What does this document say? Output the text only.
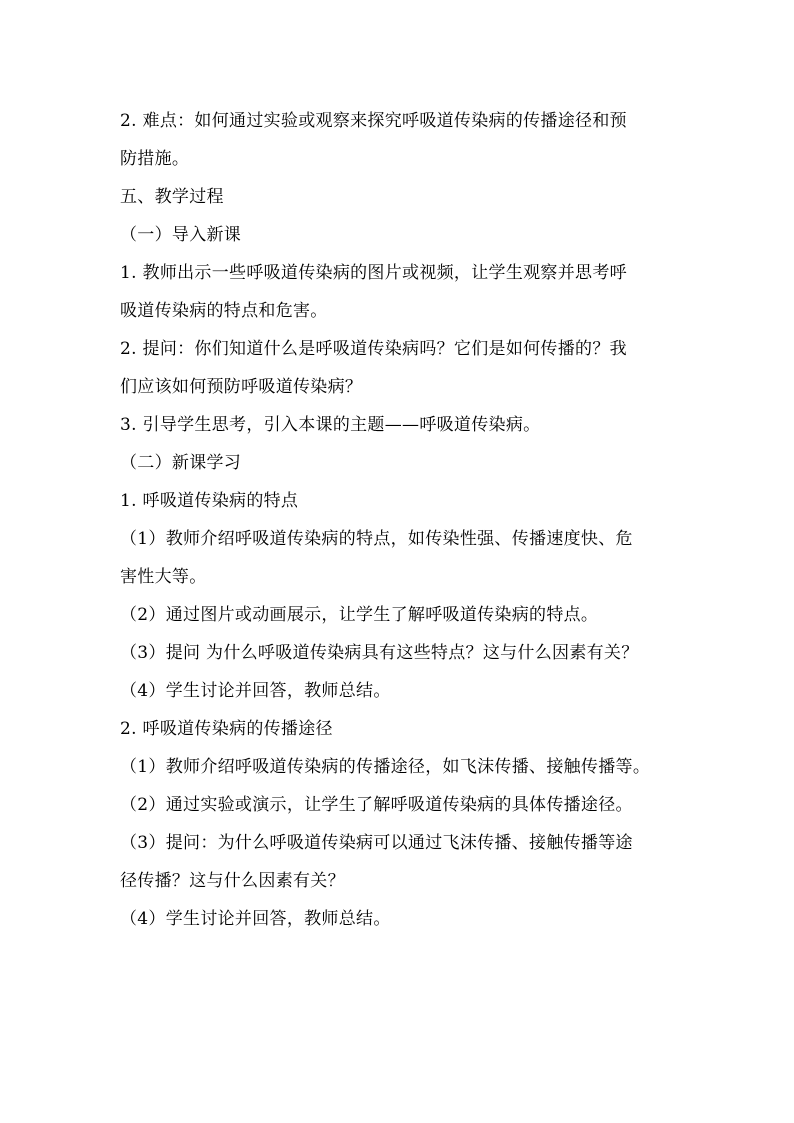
2. 难点：如何通过实验或观察来探究呼吸道传染病的传播途径和预
防措施。
五、教学过程
（一）导入新课
1. 教师出示一些呼吸道传染病的图片或视频，让学生观察并思考呼
吸道传染病的特点和危害。
2. 提问：你们知道什么是呼吸道传染病吗？它们是如何传播的？我
们应该如何预防呼吸道传染病？
3. 引导学生思考，引入本课的主题——呼吸道传染病。
（二）新课学习
1. 呼吸道传染病的特点
（1）教师介绍呼吸道传染病的特点，如传染性强、传播速度快、危
害性大等。
（2）通过图片或动画展示，让学生了解呼吸道传染病的特点。
（3）提问 为什么呼吸道传染病具有这些特点？这与什么因素有关？
（4）学生讨论并回答，教师总结。
2. 呼吸道传染病的传播途径
（1）教师介绍呼吸道传染病的传播途径，如飞沫传播、接触传播等。
（2）通过实验或演示，让学生了解呼吸道传染病的具体传播途径。
（3）提问：为什么呼吸道传染病可以通过飞沫传播、接触传播等途
径传播？这与什么因素有关？
（4）学生讨论并回答，教师总结。
